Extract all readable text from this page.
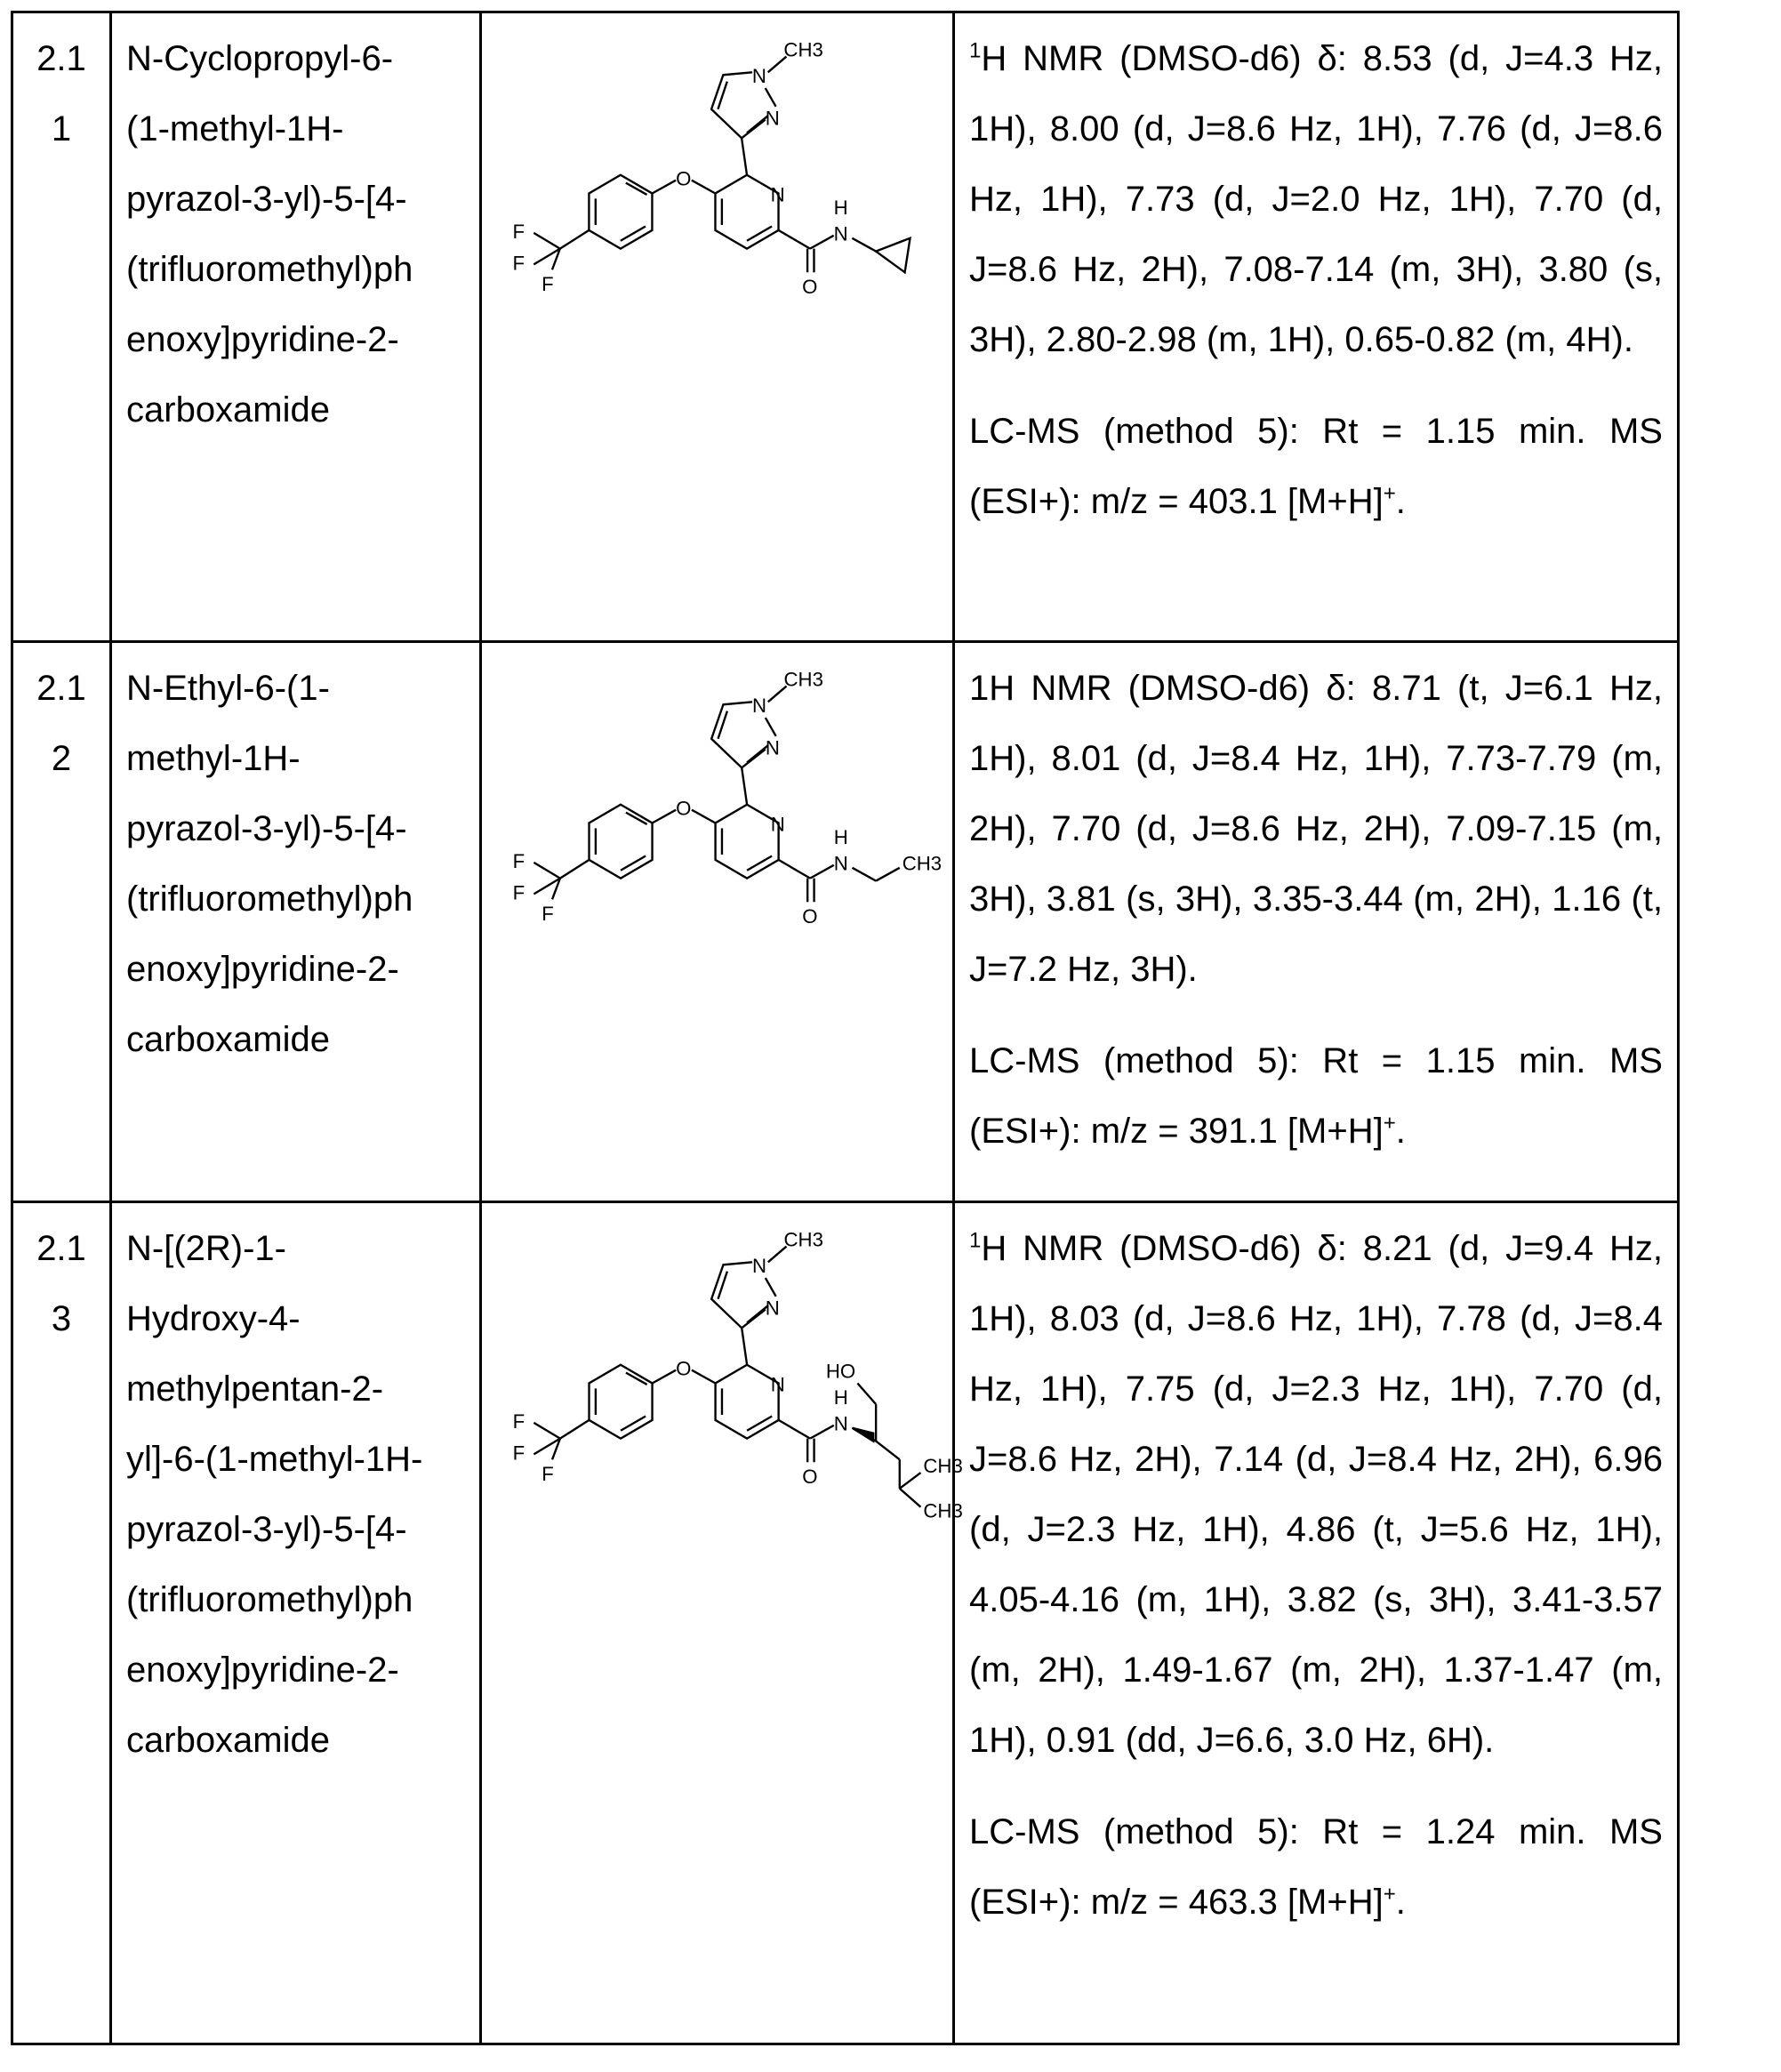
2.11	
N-Cyclopropyl-6-
(1-methyl-1H-
pyrazol-3-yl)-5-[4-
(trifluoromethyl)ph
enoxy]pyridine-2-
carboxamide

F
F
F
O
N
N
N
CH3
H
N
O

1H NMR (DMSO-d6) δ: 8.53 (d, J=4.3 Hz, 1H), 8.00 (d, J=8.6 Hz, 1H), 7.76 (d, J=8.6 Hz, 1H), 7.73 (d, J=2.0 Hz, 1H), 7.70 (d, J=8.6 Hz, 2H), 7.08-7.14 (m, 3H), 3.80 (s, 3H), 2.80-2.98 (m, 1H), 0.65-0.82 (m, 4H).

LC-MS (method 5): Rt = 1.15 min. MS (ESI+): m/z = 403.1 [M+H]+.

2.12	
N-Ethyl-6-(1-
methyl-1H-
pyrazol-3-yl)-5-[4-
(trifluoromethyl)ph
enoxy]pyridine-2-
carboxamide

F
F
F
O
N
N
N
CH3
H
N
O
CH3

1H NMR (DMSO-d6) δ: 8.71 (t, J=6.1 Hz, 1H), 8.01 (d, J=8.4 Hz, 1H), 7.73-7.79 (m, 2H), 7.70 (d, J=8.6 Hz, 2H), 7.09-7.15 (m, 3H), 3.81 (s, 3H), 3.35-3.44 (m, 2H), 1.16 (t, J=7.2 Hz, 3H).

LC-MS (method 5): Rt = 1.15 min. MS (ESI+): m/z = 391.1 [M+H]+.

2.13	
N-[(2R)-1-
Hydroxy-4-
methylpentan-2-
yl]-6-(1-methyl-1H-
pyrazol-3-yl)-5-[4-
(trifluoromethyl)ph
enoxy]pyridine-2-
carboxamide

F
F
F
O
N
N
N
CH3
H
N
O
HO
CH3
CH3

1H NMR (DMSO-d6) δ: 8.21 (d, J=9.4 Hz, 1H), 8.03 (d, J=8.6 Hz, 1H), 7.78 (d, J=8.4 Hz, 1H), 7.75 (d, J=2.3 Hz, 1H), 7.70 (d, J=8.6 Hz, 2H), 7.14 (d, J=8.4 Hz, 2H), 6.96 (d, J=2.3 Hz, 1H), 4.86 (t, J=5.6 Hz, 1H), 4.05-4.16 (m, 1H), 3.82 (s, 3H), 3.41-3.57 (m, 2H), 1.49-1.67 (m, 2H), 1.37-1.47 (m, 1H), 0.91 (dd, J=6.6, 3.0 Hz, 6H).

LC-MS (method 5): Rt = 1.24 min. MS (ESI+): m/z = 463.3 [M+H]+.
